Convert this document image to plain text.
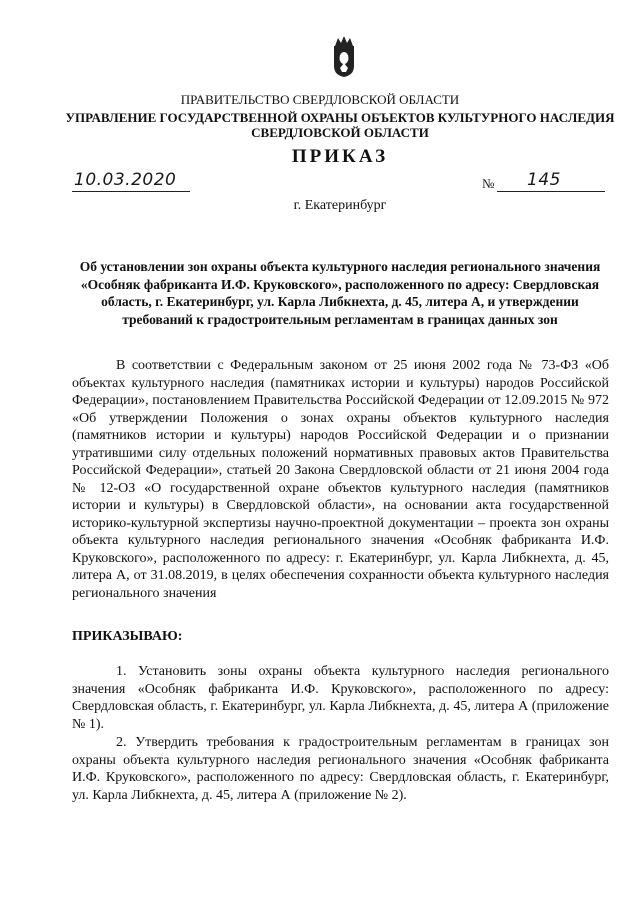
ПРАВИТЕЛЬСТВО СВЕРДЛОВСКОЙ ОБЛАСТИ
УПРАВЛЕНИЕ ГОСУДАРСТВЕННОЙ ОХРАНЫ ОБЪЕКТОВ КУЛЬТУРНОГО НАСЛЕДИЯ СВЕРДЛОВСКОЙ ОБЛАСТИ
ПРИКАЗ
10.03.2020	№ 145
г. Екатеринбург
Об установлении зон охраны объекта культурного наследия регионального значения «Особняк фабриканта И.Ф. Круковского», расположенного по адресу: Свердловская область, г. Екатеринбург, ул. Карла Либкнехта, д. 45, литера А, и утверждении требований к градостроительным регламентам в границах данных зон
В соответствии с Федеральным законом от 25 июня 2002 года № 73-ФЗ «Об объектах культурного наследия (памятниках истории и культуры) народов Российской Федерации», постановлением Правительства Российской Федерации от 12.09.2015 № 972 «Об утверждении Положения о зонах охраны объектов культурного наследия (памятников истории и культуры) народов Российской Федерации и о признании утратившими силу отдельных положений нормативных правовых актов Правительства Российской Федерации», статьей 20 Закона Свердловской области от 21 июня 2004 года № 12-ОЗ «О государственной охране объектов культурного наследия (памятников истории и культуры) в Свердловской области», на основании акта государственной историко-культурной экспертизы научно-проектной документации – проекта зон охраны объекта культурного наследия регионального значения «Особняк фабриканта И.Ф. Круковского», расположенного по адресу: г. Екатеринбург, ул. Карла Либкнехта, д. 45, литера А, от 31.08.2019, в целях обеспечения сохранности объекта культурного наследия регионального значения
ПРИКАЗЫВАЮ:
1. Установить зоны охраны объекта культурного наследия регионального значения «Особняк фабриканта И.Ф. Круковского», расположенного по адресу: Свердловская область, г. Екатеринбург, ул. Карла Либкнехта, д. 45, литера А (приложение № 1).
2. Утвердить требования к градостроительным регламентам в границах зон охраны объекта культурного наследия регионального значения «Особняк фабриканта И.Ф. Круковского», расположенного по адресу: Свердловская область, г. Екатеринбург, ул. Карла Либкнехта, д. 45, литера А (приложение № 2).
